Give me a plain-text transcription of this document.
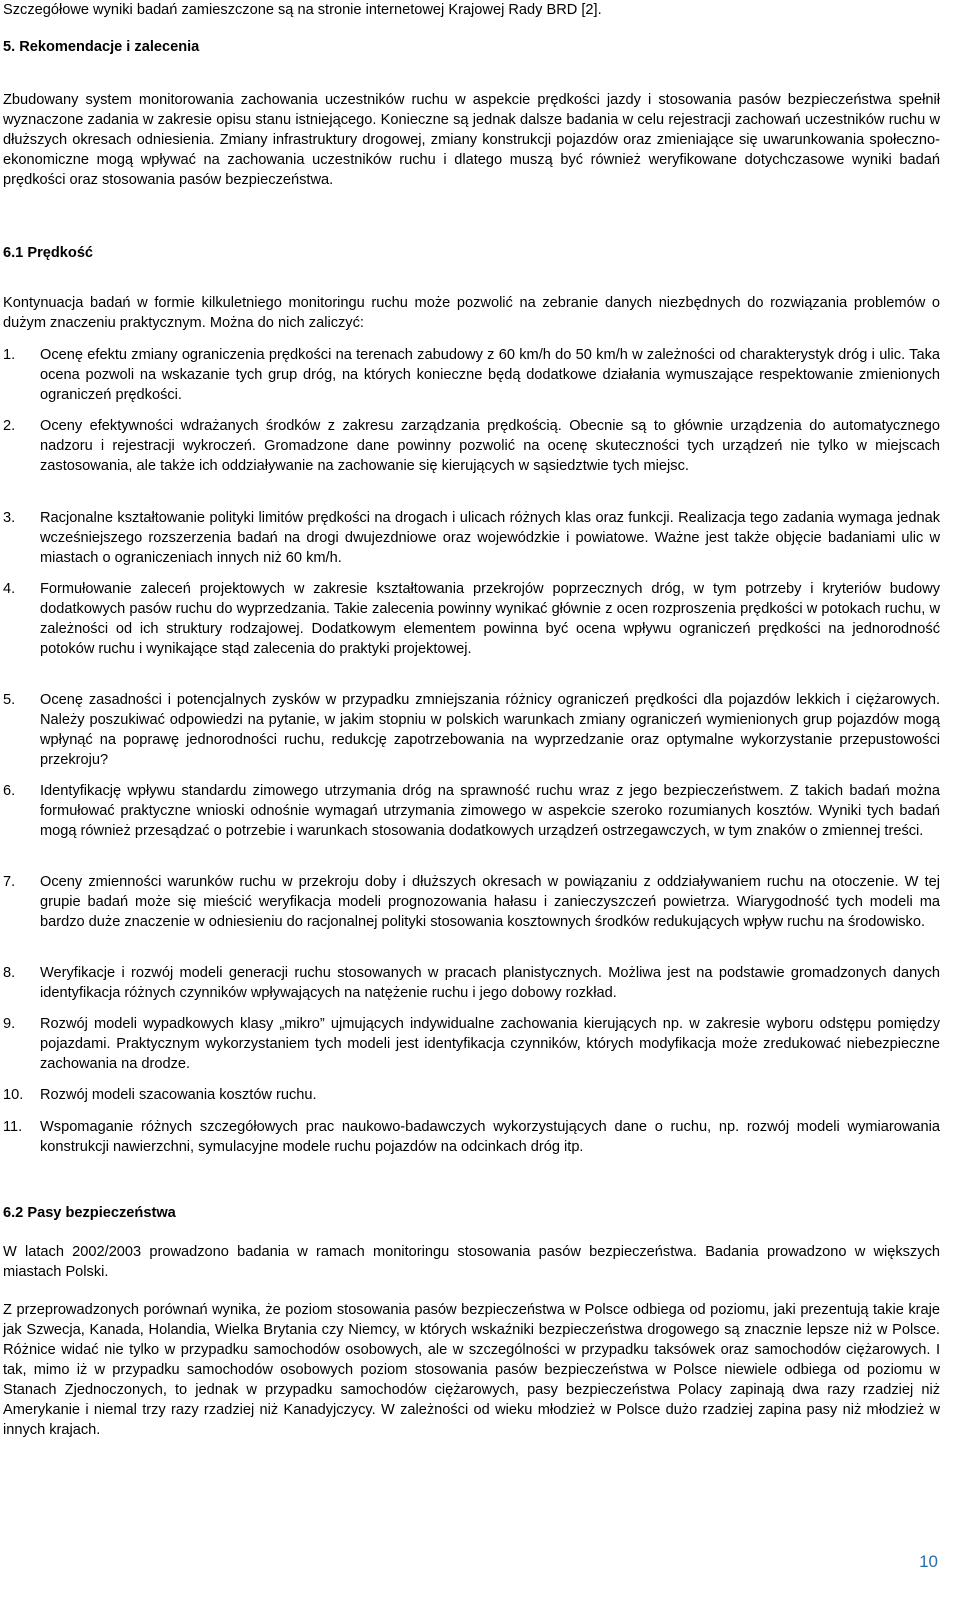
Szczegółowe wyniki badań zamieszczone są na stronie internetowej Krajowej Rady BRD [2].

5. Rekomendacje i zalecenia

Zbudowany system monitorowania zachowania uczestników ruchu w aspekcie prędkości jazdy i stosowania pasów bezpieczeństwa spełnił wyznaczone zadania w zakresie opisu stanu istniejącego. Konieczne są jednak dalsze badania w celu rejestracji zachowań uczestników ruchu w dłuższych okresach odniesienia. Zmiany infrastruktury drogowej, zmiany konstrukcji pojazdów oraz zmieniające się uwarunkowania społeczno-ekonomiczne mogą wpływać na zachowania uczestników ruchu i dlatego muszą być również weryfikowane dotychczasowe wyniki badań prędkości oraz stosowania pasów bezpieczeństwa.

6.1 Prędkość

Kontynuacja badań w formie kilkuletniego monitoringu ruchu może pozwolić na zebranie danych niezbędnych do rozwiązania problemów o dużym znaczeniu praktycznym. Można do nich zaliczyć:

1.	Ocenę efektu zmiany ograniczenia prędkości na terenach zabudowy z 60 km/h do 50 km/h w zależności od charakterystyk dróg i ulic. Taka ocena pozwoli na wskazanie tych grup dróg, na których konieczne będą dodatkowe działania wymuszające respektowanie zmienionych ograniczeń prędkości.
2.	Oceny efektywności wdrażanych środków z zakresu zarządzania prędkością. Obecnie są to głównie urządzenia do automatycznego nadzoru i rejestracji wykroczeń. Gromadzone dane powinny pozwolić na ocenę skuteczności tych urządzeń nie tylko w miejscach zastosowania, ale także ich oddziaływanie na zachowanie się kierujących w sąsiedztwie tych miejsc.
3.	Racjonalne kształtowanie polityki limitów prędkości na drogach i ulicach różnych klas oraz funkcji. Realizacja tego zadania wymaga jednak wcześniejszego rozszerzenia badań na drogi dwujezdniowe oraz wojewódzkie i powiatowe. Ważne jest także objęcie badaniami ulic w miastach o ograniczeniach innych niż 60 km/h.
4.	Formułowanie zaleceń projektowych w zakresie kształtowania przekrojów poprzecznych dróg, w tym potrzeby i kryteriów budowy dodatkowych pasów ruchu do wyprzedzania. Takie zalecenia powinny wynikać głównie z ocen rozproszenia prędkości w potokach ruchu, w zależności od ich struktury rodzajowej. Dodatkowym elementem powinna być ocena wpływu ograniczeń prędkości na jednorodność potoków ruchu i wynikające stąd zalecenia do praktyki projektowej.
5.	Ocenę zasadności i potencjalnych zysków w przypadku zmniejszania różnicy ograniczeń prędkości dla pojazdów lekkich i ciężarowych. Należy poszukiwać odpowiedzi na pytanie, w jakim stopniu w polskich warunkach zmiany ograniczeń wymienionych grup pojazdów mogą wpłynąć na poprawę jednorodności ruchu, redukcję zapotrzebowania na wyprzedzanie oraz optymalne wykorzystanie przepustowości przekroju?
6.	Identyfikację wpływu standardu zimowego utrzymania dróg na sprawność ruchu wraz z jego bezpieczeństwem. Z takich badań można formułować praktyczne wnioski odnośnie wymagań utrzymania zimowego w aspekcie szeroko rozumianych kosztów. Wyniki tych badań mogą również przesądzać o potrzebie i warunkach stosowania dodatkowych urządzeń ostrzegawczych, w tym znaków o zmiennej treści.
7.	Oceny zmienności warunków ruchu w przekroju doby i dłuższych okresach w powiązaniu z oddziaływaniem ruchu na otoczenie. W tej grupie badań może się mieścić weryfikacja modeli prognozowania hałasu i zanieczyszczeń powietrza. Wiarygodność tych modeli ma bardzo duże znaczenie w odniesieniu do racjonalnej polityki stosowania kosztownych środków redukujących wpływ ruchu na środowisko.
8.	Weryfikacje i rozwój modeli generacji ruchu stosowanych w pracach planistycznych. Możliwa jest na podstawie gromadzonych danych identyfikacja różnych czynników wpływających na natężenie ruchu i jego dobowy rozkład.
9.	Rozwój modeli wypadkowych klasy „mikro” ujmujących indywidualne zachowania kierujących np. w zakresie wyboru odstępu pomiędzy pojazdami. Praktycznym wykorzystaniem tych modeli jest identyfikacja czynników, których modyfikacja może zredukować niebezpieczne zachowania na drodze.
10.	Rozwój modeli szacowania kosztów ruchu.
11.	Wspomaganie różnych szczegółowych prac naukowo-badawczych wykorzystujących dane o ruchu, np. rozwój modeli wymiarowania konstrukcji nawierzchni, symulacyjne modele ruchu pojazdów na odcinkach dróg itp.
6.2 Pasy bezpieczeństwa

W latach 2002/2003 prowadzono badania w ramach monitoringu stosowania pasów bezpieczeństwa. Badania prowadzono w większych miastach Polski.

Z przeprowadzonych porównań wynika, że poziom stosowania pasów bezpieczeństwa w Polsce odbiega od poziomu, jaki prezentują takie kraje jak Szwecja, Kanada, Holandia, Wielka Brytania czy Niemcy, w których wskaźniki bezpieczeństwa drogowego są znacznie lepsze niż w Polsce. Różnice widać nie tylko w przypadku samochodów osobowych, ale w szczególności w przypadku taksówek oraz samochodów ciężarowych. I tak, mimo iż w przypadku samochodów osobowych poziom stosowania pasów bezpieczeństwa w Polsce niewiele odbiega od poziomu w Stanach Zjednoczonych, to jednak w przypadku samochodów ciężarowych, pasy bezpieczeństwa Polacy zapinają dwa razy rzadziej niż Amerykanie i niemal trzy razy rzadziej niż Kanadyjczycy. W zależności od wieku młodzież w Polsce dużo rzadziej zapina pasy niż młodzież w innych krajach.

10
